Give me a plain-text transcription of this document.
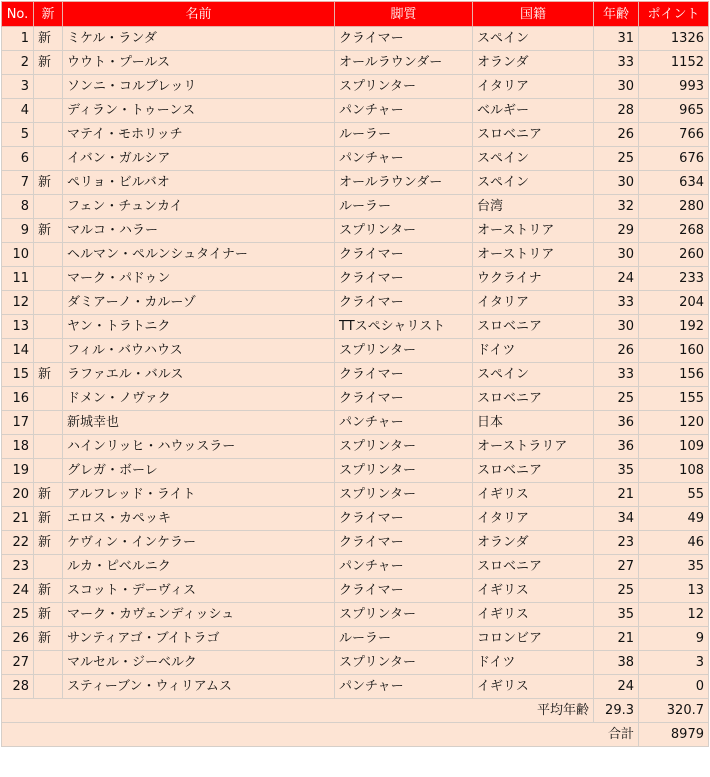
No.	新	名前	脚質	国籍	年齢	ポイント
1	新	ミケル・ランダ	クライマー	スペイン	31	1326
2	新	ウウト・プールス	オールラウンダー	オランダ	33	1152
3		ソンニ・コルブレッリ	スプリンター	イタリア	30	993
4		ディラン・トゥーンス	パンチャー	ベルギー	28	965
5		マテイ・モホリッチ	ルーラー	スロベニア	26	766
6		イバン・ガルシア	パンチャー	スペイン	25	676
7	新	ペリョ・ビルバオ	オールラウンダー	スペイン	30	634
8		フェン・チュンカイ	ルーラー	台湾	32	280
9	新	マルコ・ハラー	スプリンター	オーストリア	29	268
10		ヘルマン・ペルンシュタイナー	クライマー	オーストリア	30	260
11		マーク・パドゥン	クライマー	ウクライナ	24	233
12		ダミアーノ・カルーゾ	クライマー	イタリア	33	204
13		ヤン・トラトニク	TTスペシャリスト	スロベニア	30	192
14		フィル・バウハウス	スプリンター	ドイツ	26	160
15	新	ラファエル・バルス	クライマー	スペイン	33	156
16		ドメン・ノヴァク	クライマー	スロベニア	25	155
17		新城幸也	パンチャー	日本	36	120
18		ハインリッヒ・ハウッスラー	スプリンター	オーストラリア	36	109
19		グレガ・ボーレ	スプリンター	スロベニア	35	108
20	新	アルフレッド・ライト	スプリンター	イギリス	21	55
21	新	エロス・カペッキ	クライマー	イタリア	34	49
22	新	ケヴィン・インケラー	クライマー	オランダ	23	46
23		ルカ・ピベルニク	パンチャー	スロベニア	27	35
24	新	スコット・デーヴィス	クライマー	イギリス	25	13
25	新	マーク・カヴェンディッシュ	スプリンター	イギリス	35	12
26	新	サンティアゴ・ブイトラゴ	ルーラー	コロンビア	21	9
27		マルセル・ジーベルク	スプリンター	ドイツ	38	3
28		スティーブン・ウィリアムス	パンチャー	イギリス	24	0
平均年齢					29.3	320.7
合計						8979
